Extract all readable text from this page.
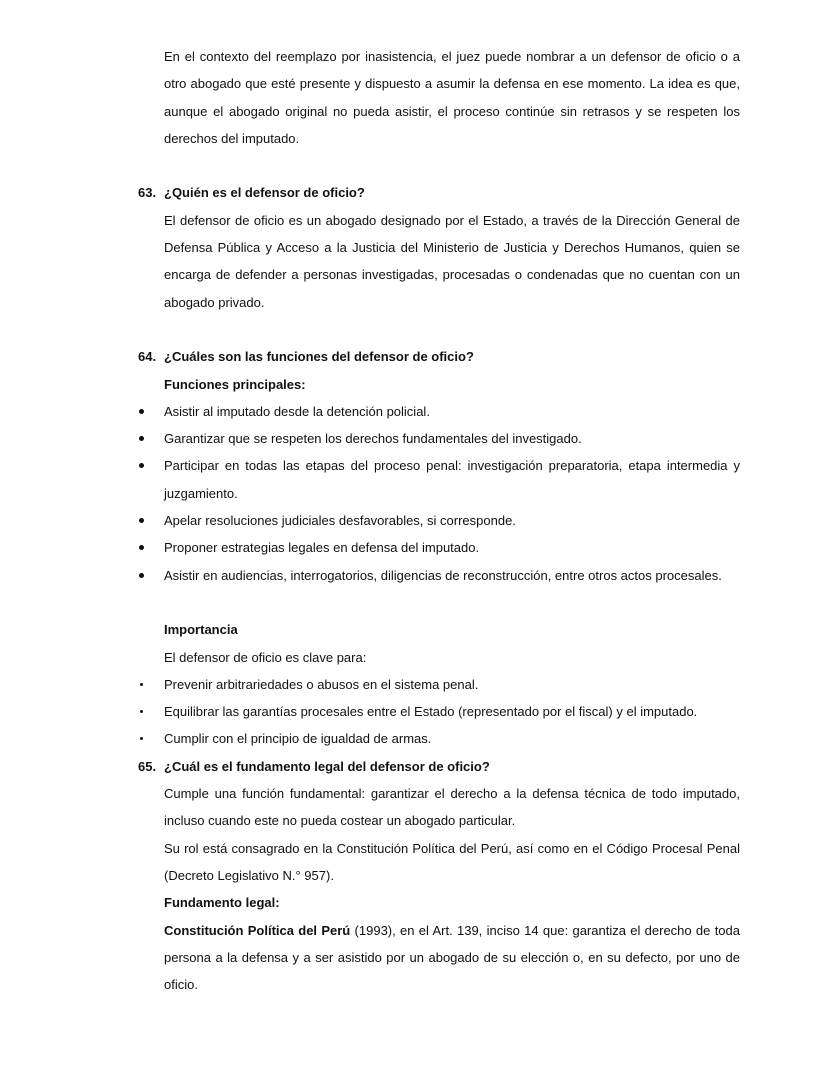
En el contexto del reemplazo por inasistencia, el juez puede nombrar a un defensor de oficio o a otro abogado que esté presente y dispuesto a asumir la defensa en ese momento. La idea es que, aunque el abogado original no pueda asistir, el proceso continúe sin retrasos y se respeten los derechos del imputado.

63. ¿Quién es el defensor de oficio?

El defensor de oficio es un abogado designado por el Estado, a través de la Dirección General de Defensa Pública y Acceso a la Justicia del Ministerio de Justicia y Derechos Humanos, quien se encarga de defender a personas investigadas, procesadas o condenadas que no cuentan con un abogado privado.

64. ¿Cuáles son las funciones del defensor de oficio?

Funciones principales:

Asistir al imputado desde la detención policial.
Garantizar que se respeten los derechos fundamentales del investigado.
Participar en todas las etapas del proceso penal: investigación preparatoria, etapa intermedia y juzgamiento.
Apelar resoluciones judiciales desfavorables, si corresponde.
Proponer estrategias legales en defensa del imputado.
Asistir en audiencias, interrogatorios, diligencias de reconstrucción, entre otros actos procesales.

Importancia

El defensor de oficio es clave para:

Prevenir arbitrariedades o abusos en el sistema penal.
Equilibrar las garantías procesales entre el Estado (representado por el fiscal) y el imputado.
Cumplir con el principio de igualdad de armas.
65. ¿Cuál es el fundamento legal del defensor de oficio?

Cumple una función fundamental: garantizar el derecho a la defensa técnica de todo imputado, incluso cuando este no pueda costear un abogado particular.

Su rol está consagrado en la Constitución Política del Perú, así como en el Código Procesal Penal (Decreto Legislativo N.° 957).

Fundamento legal:

Constitución Política del Perú (1993), en el Art. 139, inciso 14 que: garantiza el derecho de toda persona a la defensa y a ser asistido por un abogado de su elección o, en su defecto, por uno de oficio.
